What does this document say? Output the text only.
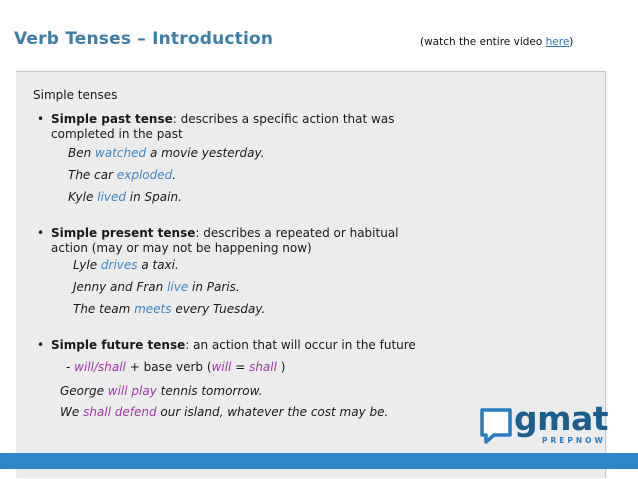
Verb Tenses – Introduction	(watch the entire video here)
Simple tenses
• Simple past tense: describes a specific action that was
completed in the past
Ben watched a movie yesterday.
The car exploded.
Kyle lived in Spain.
• Simple present tense: describes a repeated or habitual
action (may or may not be happening now)
Lyle drives a taxi.
Jenny and Fran live in Paris.
The team meets every Tuesday.
• Simple future tense: an action that will occur in the future
- will/shall + base verb (will = shall )
George will play tennis tomorrow.
We shall defend our island, whatever the cost may be.	gmat
PREPNOW
